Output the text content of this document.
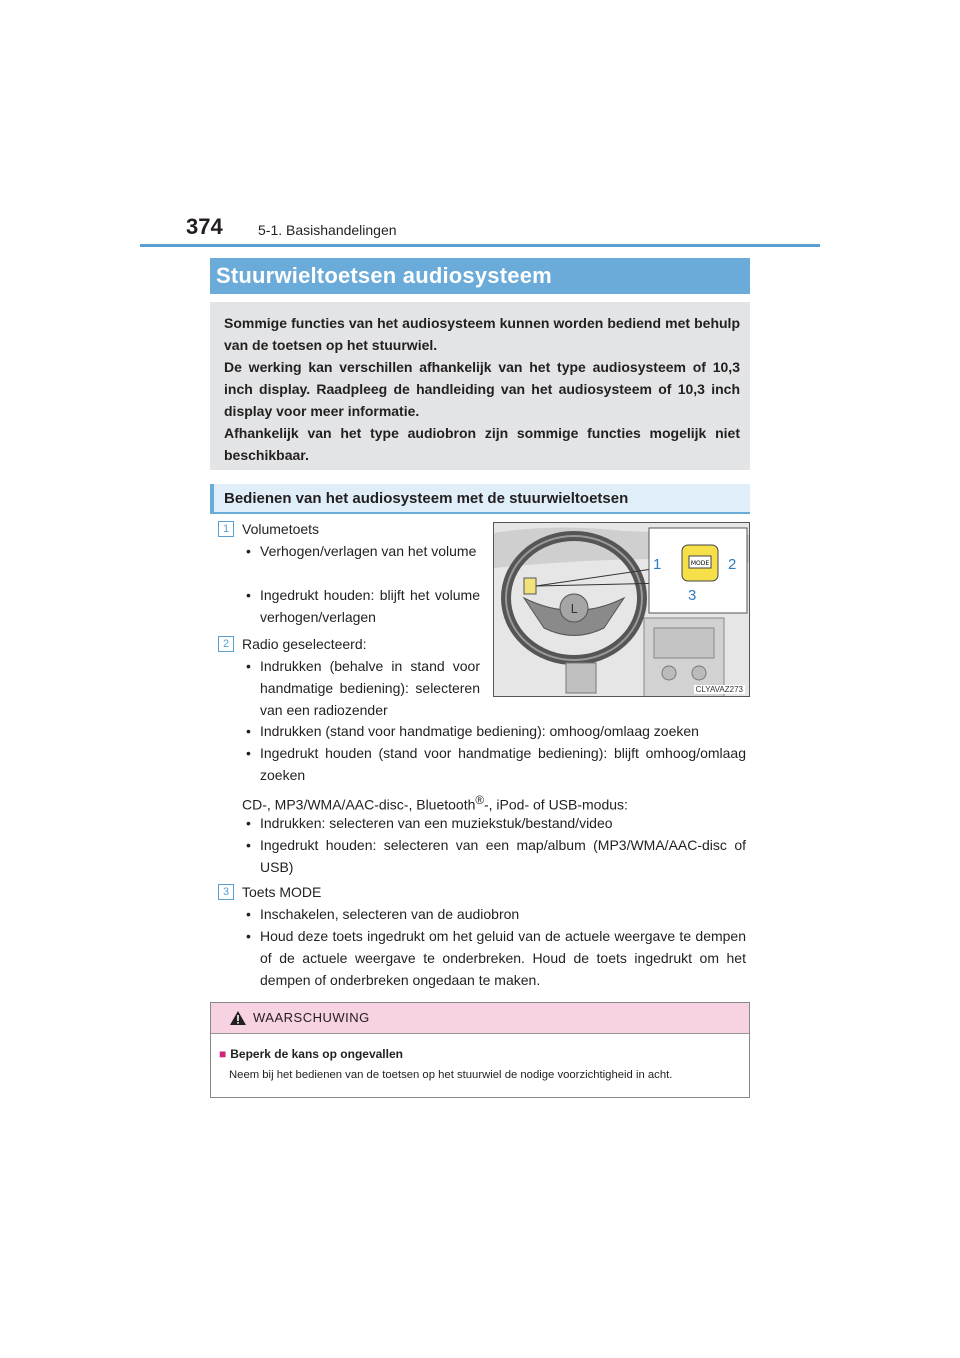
374	5-1. Basishandelingen
Stuurwieltoetsen audiosysteem

Sommige functies van het audiosysteem kunnen worden bediend met behulp van de toetsen op het stuurwiel.

De werking kan verschillen afhankelijk van het type audiosysteem of 10,3 inch display. Raadpleeg de handleiding van het audiosysteem of 10,3 inch display voor meer informatie.

Afhankelijk van het type audiobron zijn sommige functies mogelijk niet beschikbaar.

Bedienen van het audiosysteem met de stuurwieltoetsen
1 Volumetoets
• Verhogen/verlagen van het volume
• Ingedrukt houden: blijft het volume verhogen/verlagen
2 Radio geselecteerd:
• Indrukken (behalve in stand voor handmatige bediening): selecteren van een radiozender
• Indrukken (stand voor handmatige bediening): omhoog/omlaag zoeken
• Ingedrukt houden (stand voor handmatige bediening): blijft omhoog/omlaag zoeken
CD-, MP3/WMA/AAC-disc-, Bluetooth®-, iPod- of USB-modus:
• Indrukken: selecteren van een muziekstuk/bestand/video
• Ingedrukt houden: selecteren van een map/album (MP3/WMA/AAC-disc of USB)
3 Toets MODE
• Inschakelen, selecteren van de audiobron
• Houd deze toets ingedrukt om het geluid van de actuele weergave te dempen of de actuele weergave te onderbreken. Houd de toets ingedrukt om het dempen of onderbreken ongedaan te maken.
L
MODE
1	2
3
CLYAVAZ273
WAARSCHUWING
■ Beperk de kans op ongevallen
Neem bij het bedienen van de toetsen op het stuurwiel de nodige voorzichtigheid in acht.
